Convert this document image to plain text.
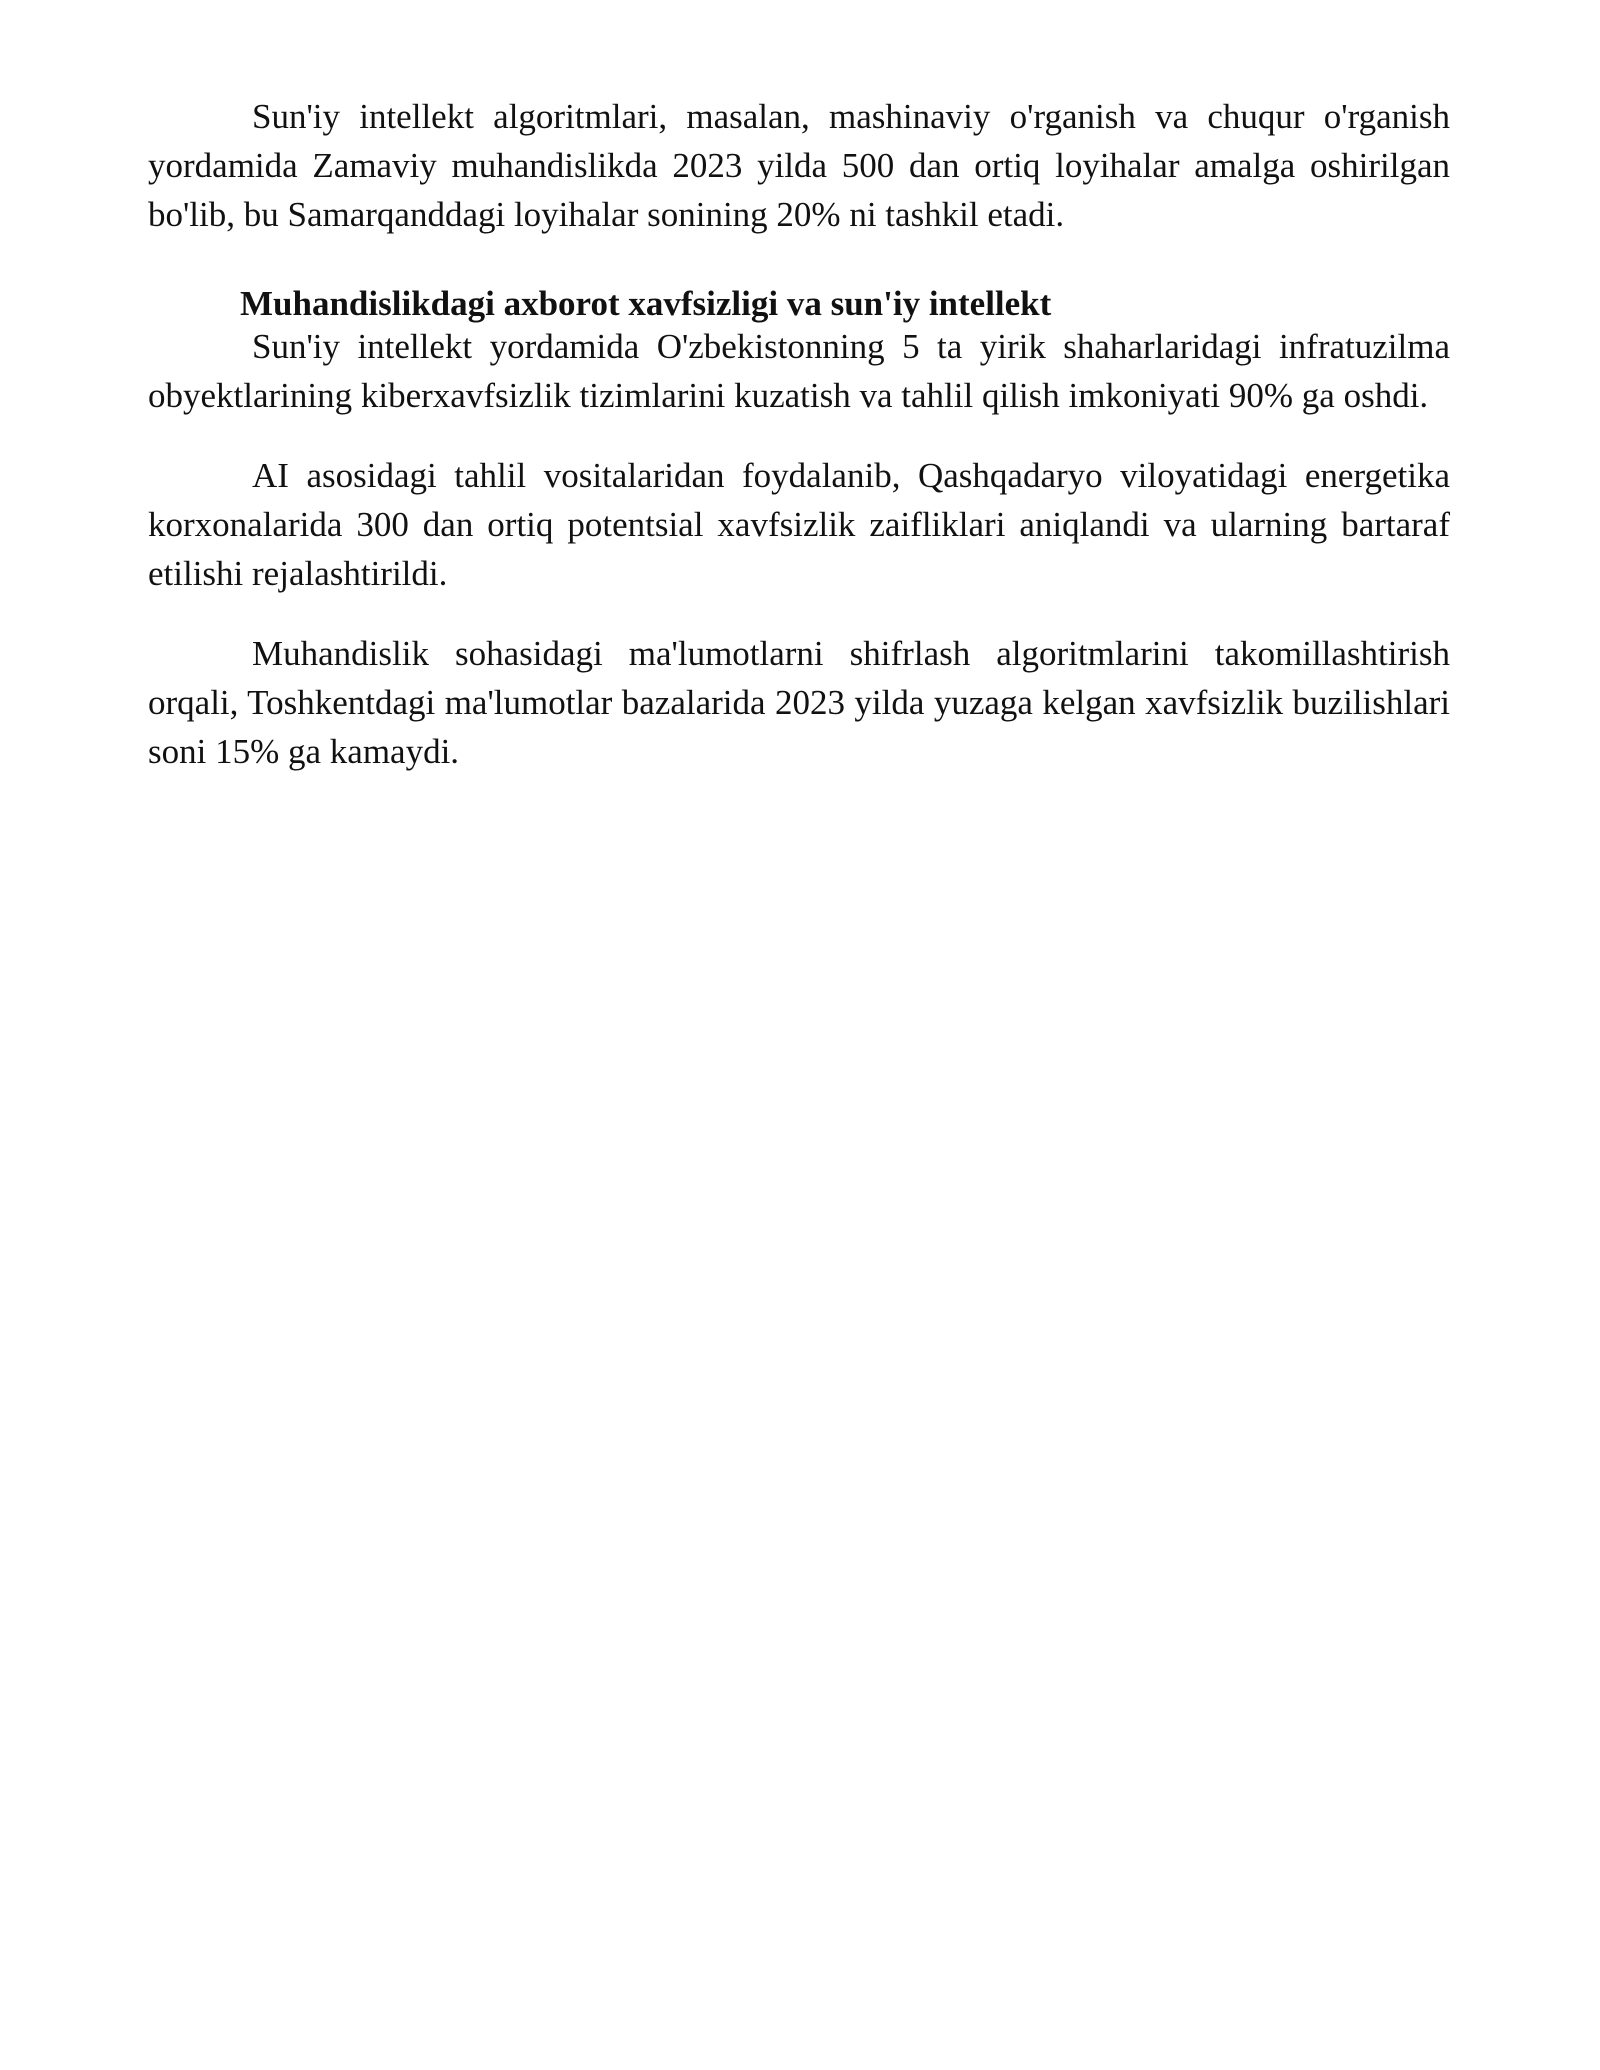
Sun'iy intellekt algoritmlari, masalan, mashinaviy o'rganish va chuqur o'rganish yordamida Zamaviy muhandislikda 2023 yilda 500 dan ortiq loyihalar amalga oshirilgan bo'lib, bu Samarqanddagi loyihalar sonining 20% ni tashkil etadi.

Muhandislikdagi axborot xavfsizligi va sun'iy intellekt

Sun'iy intellekt yordamida O'zbekistonning 5 ta yirik shaharlaridagi infratuzilma obyektlarining kiberxavfsizlik tizimlarini kuzatish va tahlil qilish imkoniyati 90% ga oshdi.

AI asosidagi tahlil vositalaridan foydalanib, Qashqadaryo viloyatidagi energetika korxonalarida 300 dan ortiq potentsial xavfsizlik zaifliklari aniqlandi va ularning bartaraf etilishi rejalashtirildi.

Muhandislik sohasidagi ma'lumotlarni shifrlash algoritmlarini takomillashtirish orqali, Toshkentdagi ma'lumotlar bazalarida 2023 yilda yuzaga kelgan xavfsizlik buzilishlari soni 15% ga kamaydi.
